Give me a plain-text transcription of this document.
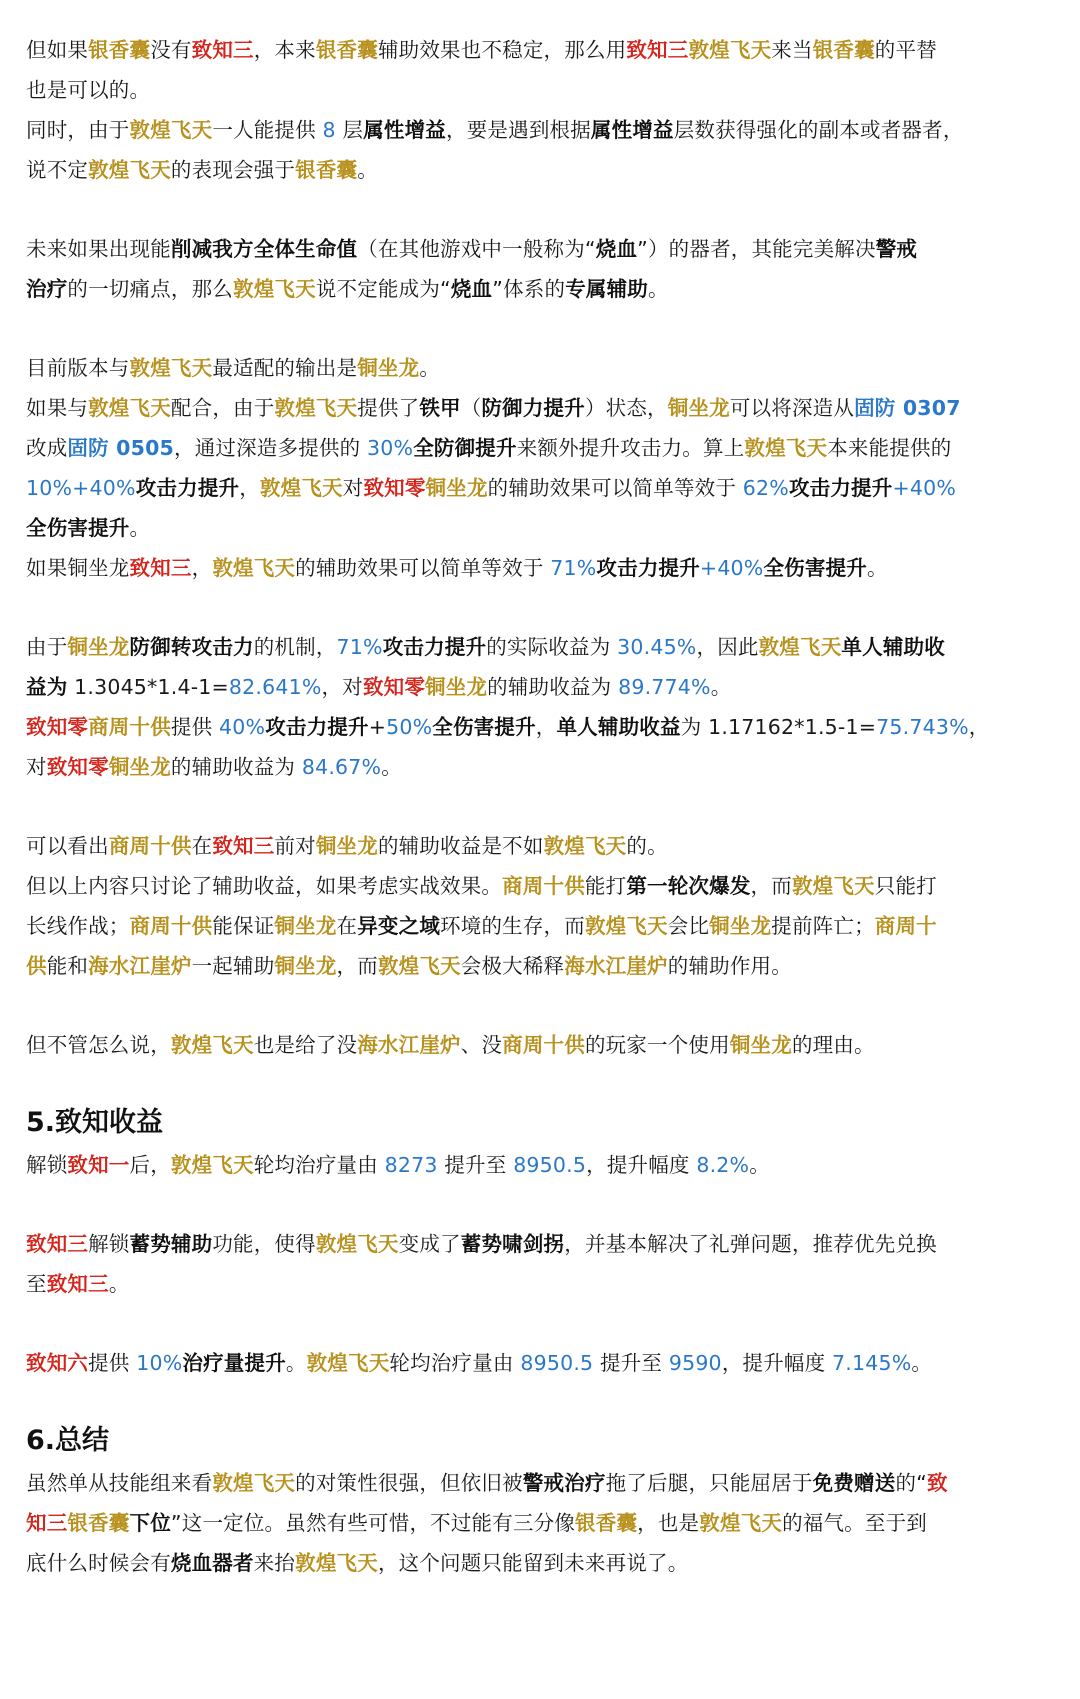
但如果银香囊没有致知三，本来银香囊辅助效果也不稳定，那么用致知三敦煌飞天来当银香囊的平替

也是可以的。

同时，由于敦煌飞天一人能提供 8 层属性增益，要是遇到根据属性增益层数获得强化的副本或者器者，

说不定敦煌飞天的表现会强于银香囊。

未来如果出现能削减我方全体生命值（在其他游戏中一般称为“烧血”）的器者，其能完美解决警戒

治疗的一切痛点，那么敦煌飞天说不定能成为“烧血”体系的专属辅助。

目前版本与敦煌飞天最适配的输出是铜坐龙。

如果与敦煌飞天配合，由于敦煌飞天提供了铁甲（防御力提升）状态，铜坐龙可以将深造从固防 0307

改成固防 0505，通过深造多提供的 30%全防御提升来额外提升攻击力。算上敦煌飞天本来能提供的

10%+40%攻击力提升，敦煌飞天对致知零铜坐龙的辅助效果可以简单等效于 62%攻击力提升+40%

全伤害提升。

如果铜坐龙致知三，敦煌飞天的辅助效果可以简单等效于 71%攻击力提升+40%全伤害提升。

由于铜坐龙防御转攻击力的机制，71%攻击力提升的实际收益为 30.45%，因此敦煌飞天单人辅助收

益为 1.3045*1.4-1=82.641%，对致知零铜坐龙的辅助收益为 89.774%。

致知零商周十供提供 40%攻击力提升+50%全伤害提升，单人辅助收益为 1.17162*1.5-1=75.743%，

对致知零铜坐龙的辅助收益为 84.67%。

可以看出商周十供在致知三前对铜坐龙的辅助收益是不如敦煌飞天的。

但以上内容只讨论了辅助收益，如果考虑实战效果。商周十供能打第一轮次爆发，而敦煌飞天只能打

长线作战；商周十供能保证铜坐龙在异变之域环境的生存，而敦煌飞天会比铜坐龙提前阵亡；商周十

供能和海水江崖炉一起辅助铜坐龙，而敦煌飞天会极大稀释海水江崖炉的辅助作用。

但不管怎么说，敦煌飞天也是给了没海水江崖炉、没商周十供的玩家一个使用铜坐龙的理由。

5.致知收益

解锁致知一后，敦煌飞天轮均治疗量由 8273 提升至 8950.5，提升幅度 8.2%。

致知三解锁蓄势辅助功能，使得敦煌飞天变成了蓄势啸剑拐，并基本解决了礼弹问题，推荐优先兑换

至致知三。

致知六提供 10%治疗量提升。敦煌飞天轮均治疗量由 8950.5 提升至 9590，提升幅度 7.145%。

6.总结

虽然单从技能组来看敦煌飞天的对策性很强，但依旧被警戒治疗拖了后腿，只能屈居于免费赠送的“致

知三银香囊下位”这一定位。虽然有些可惜，不过能有三分像银香囊，也是敦煌飞天的福气。至于到

底什么时候会有烧血器者来抬敦煌飞天，这个问题只能留到未来再说了。
